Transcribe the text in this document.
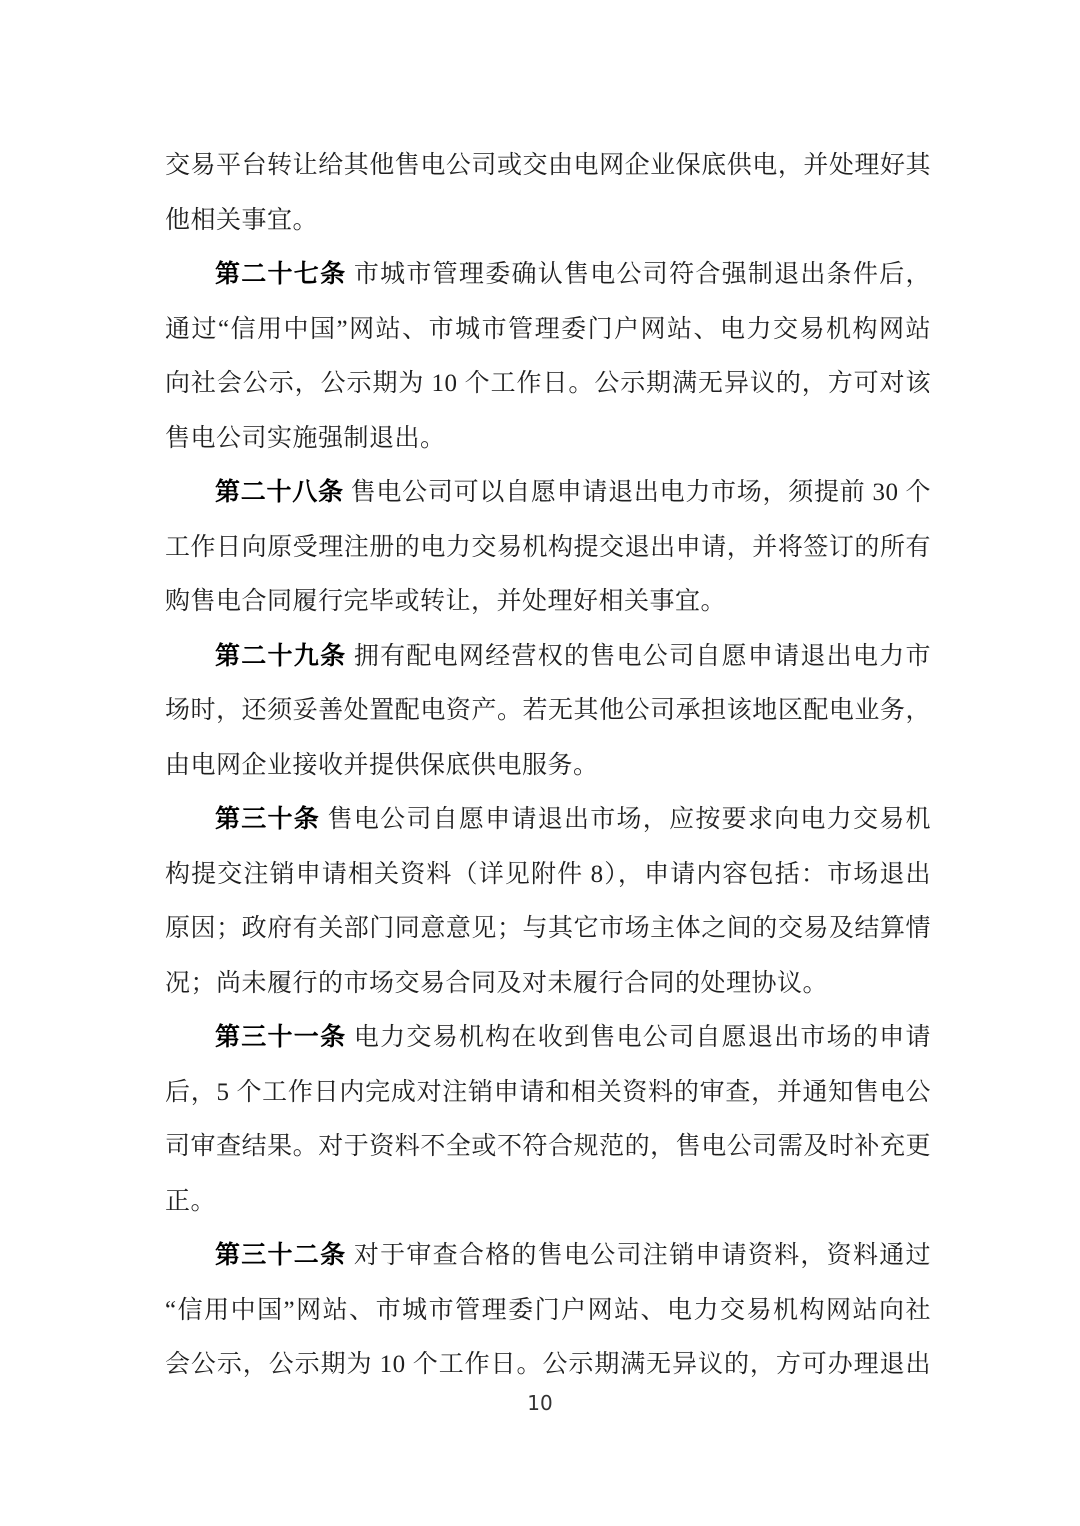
交易平台转让给其他售电公司或交由电网企业保底供电，并处理好其
他相关事宜。
第二十七条 市城市管理委确认售电公司符合强制退出条件后，
通过“信用中国”网站、市城市管理委门户网站、电力交易机构网站
向社会公示，公示期为 10 个工作日。公示期满无异议的，方可对该
售电公司实施强制退出。
第二十八条 售电公司可以自愿申请退出电力市场，须提前 30 个
工作日向原受理注册的电力交易机构提交退出申请，并将签订的所有
购售电合同履行完毕或转让，并处理好相关事宜。
第二十九条 拥有配电网经营权的售电公司自愿申请退出电力市
场时，还须妥善处置配电资产。若无其他公司承担该地区配电业务，
由电网企业接收并提供保底供电服务。
第三十条 售电公司自愿申请退出市场，应按要求向电力交易机
构提交注销申请相关资料（详见附件 8），申请内容包括：市场退出
原因；政府有关部门同意意见；与其它市场主体之间的交易及结算情
况；尚未履行的市场交易合同及对未履行合同的处理协议。
第三十一条 电力交易机构在收到售电公司自愿退出市场的申请
后，5 个工作日内完成对注销申请和相关资料的审查，并通知售电公
司审查结果。对于资料不全或不符合规范的，售电公司需及时补充更
正。
第三十二条 对于审查合格的售电公司注销申请资料，资料通过
“信用中国”网站、市城市管理委门户网站、电力交易机构网站向社
会公示，公示期为 10 个工作日。公示期满无异议的，方可办理退出
10
